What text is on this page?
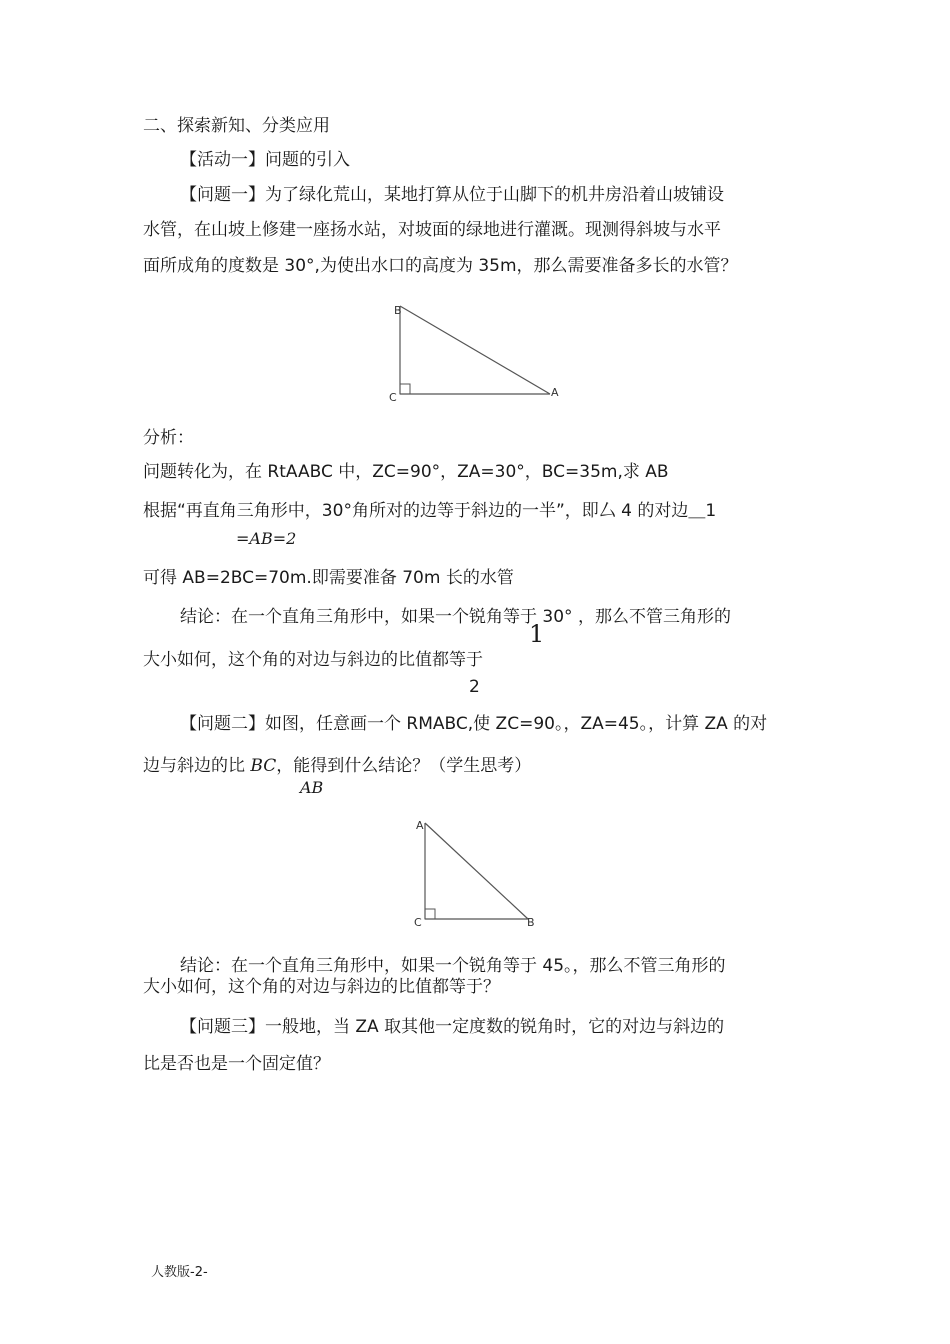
二、探索新知、分类应用
【活动一】问题的引入
【问题一】为了绿化荒山，某地打算从位于山脚下的机井房沿着山坡铺设
水管，在山坡上修建一座扬水站，对坡面的绿地进行灌溉。现测得斜坡与水平
面所成角的度数是 30°,为使出水口的高度为 35m，那么需要准备多长的水管？
B
C	A
分析：
问题转化为，在 RtAABC 中，ZC=90°，ZA=30°，BC=35m,求 AB
根据“再直角三角形中，30°角所对的边等于斜边的一半”，即厶 4 的对边＿1
=AB=2
可得 AB=2BC=70m.即需要准备 70m 长的水管
结论：在一个直角三角形中，如果一个锐角等于 30° ，那么不管三角形的
1
大小如何，这个角的对边与斜边的比值都等于
2
【问题二】如图，任意画一个 RMABC,使 ZC=90。，ZA=45。，计算 ZA 的对
边与斜边的比 BC，能得到什么结论？（学生思考）
AB
A
C	B
结论：在一个直角三角形中，如果一个锐角等于 45。，那么不管三角形的
大小如何，这个角的对边与斜边的比值都等于？
【问题三】一般地，当 ZA 取其他一定度数的锐角时，它的对边与斜边的
比是否也是一个固定值？
人教版-2-
